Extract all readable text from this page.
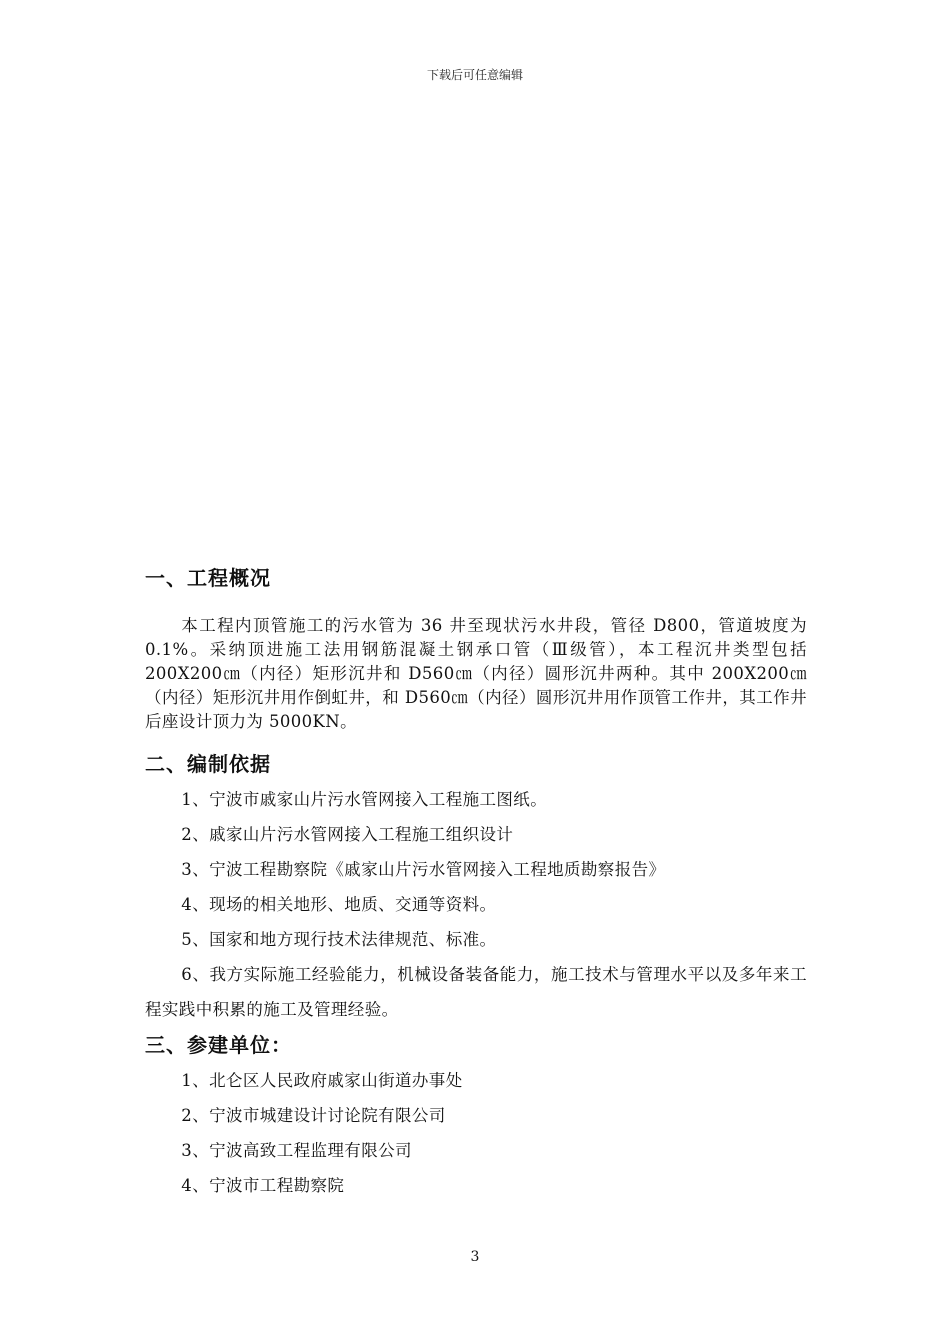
下载后可任意编辑
一、工程概况

本工程内顶管施工的污水管为 36 井至现状污水井段，管径 D800，管道坡度为 0.1%。采纳顶进施工法用钢筋混凝土钢承口管（Ⅲ级管），本工程沉井类型包括 200X200㎝（内径）矩形沉井和 D560㎝（内径）圆形沉井两种。其中 200X200㎝（内径）矩形沉井用作倒虹井，和 D560㎝（内径）圆形沉井用作顶管工作井，其工作井后座设计顶力为 5000KN。

二、编制依据

1、宁波市戚家山片污水管网接入工程施工图纸。

2、戚家山片污水管网接入工程施工组织设计

3、宁波工程勘察院《戚家山片污水管网接入工程地质勘察报告》

4、现场的相关地形、地质、交通等资料。

5、国家和地方现行技术法律规范、标准。

6、我方实际施工经验能力，机械设备装备能力，施工技术与管理水平以及多年来工程实践中积累的施工及管理经验。

三、参建单位：

1、北仑区人民政府戚家山街道办事处

2、宁波市城建设计讨论院有限公司

3、宁波高致工程监理有限公司

4、宁波市工程勘察院

3
